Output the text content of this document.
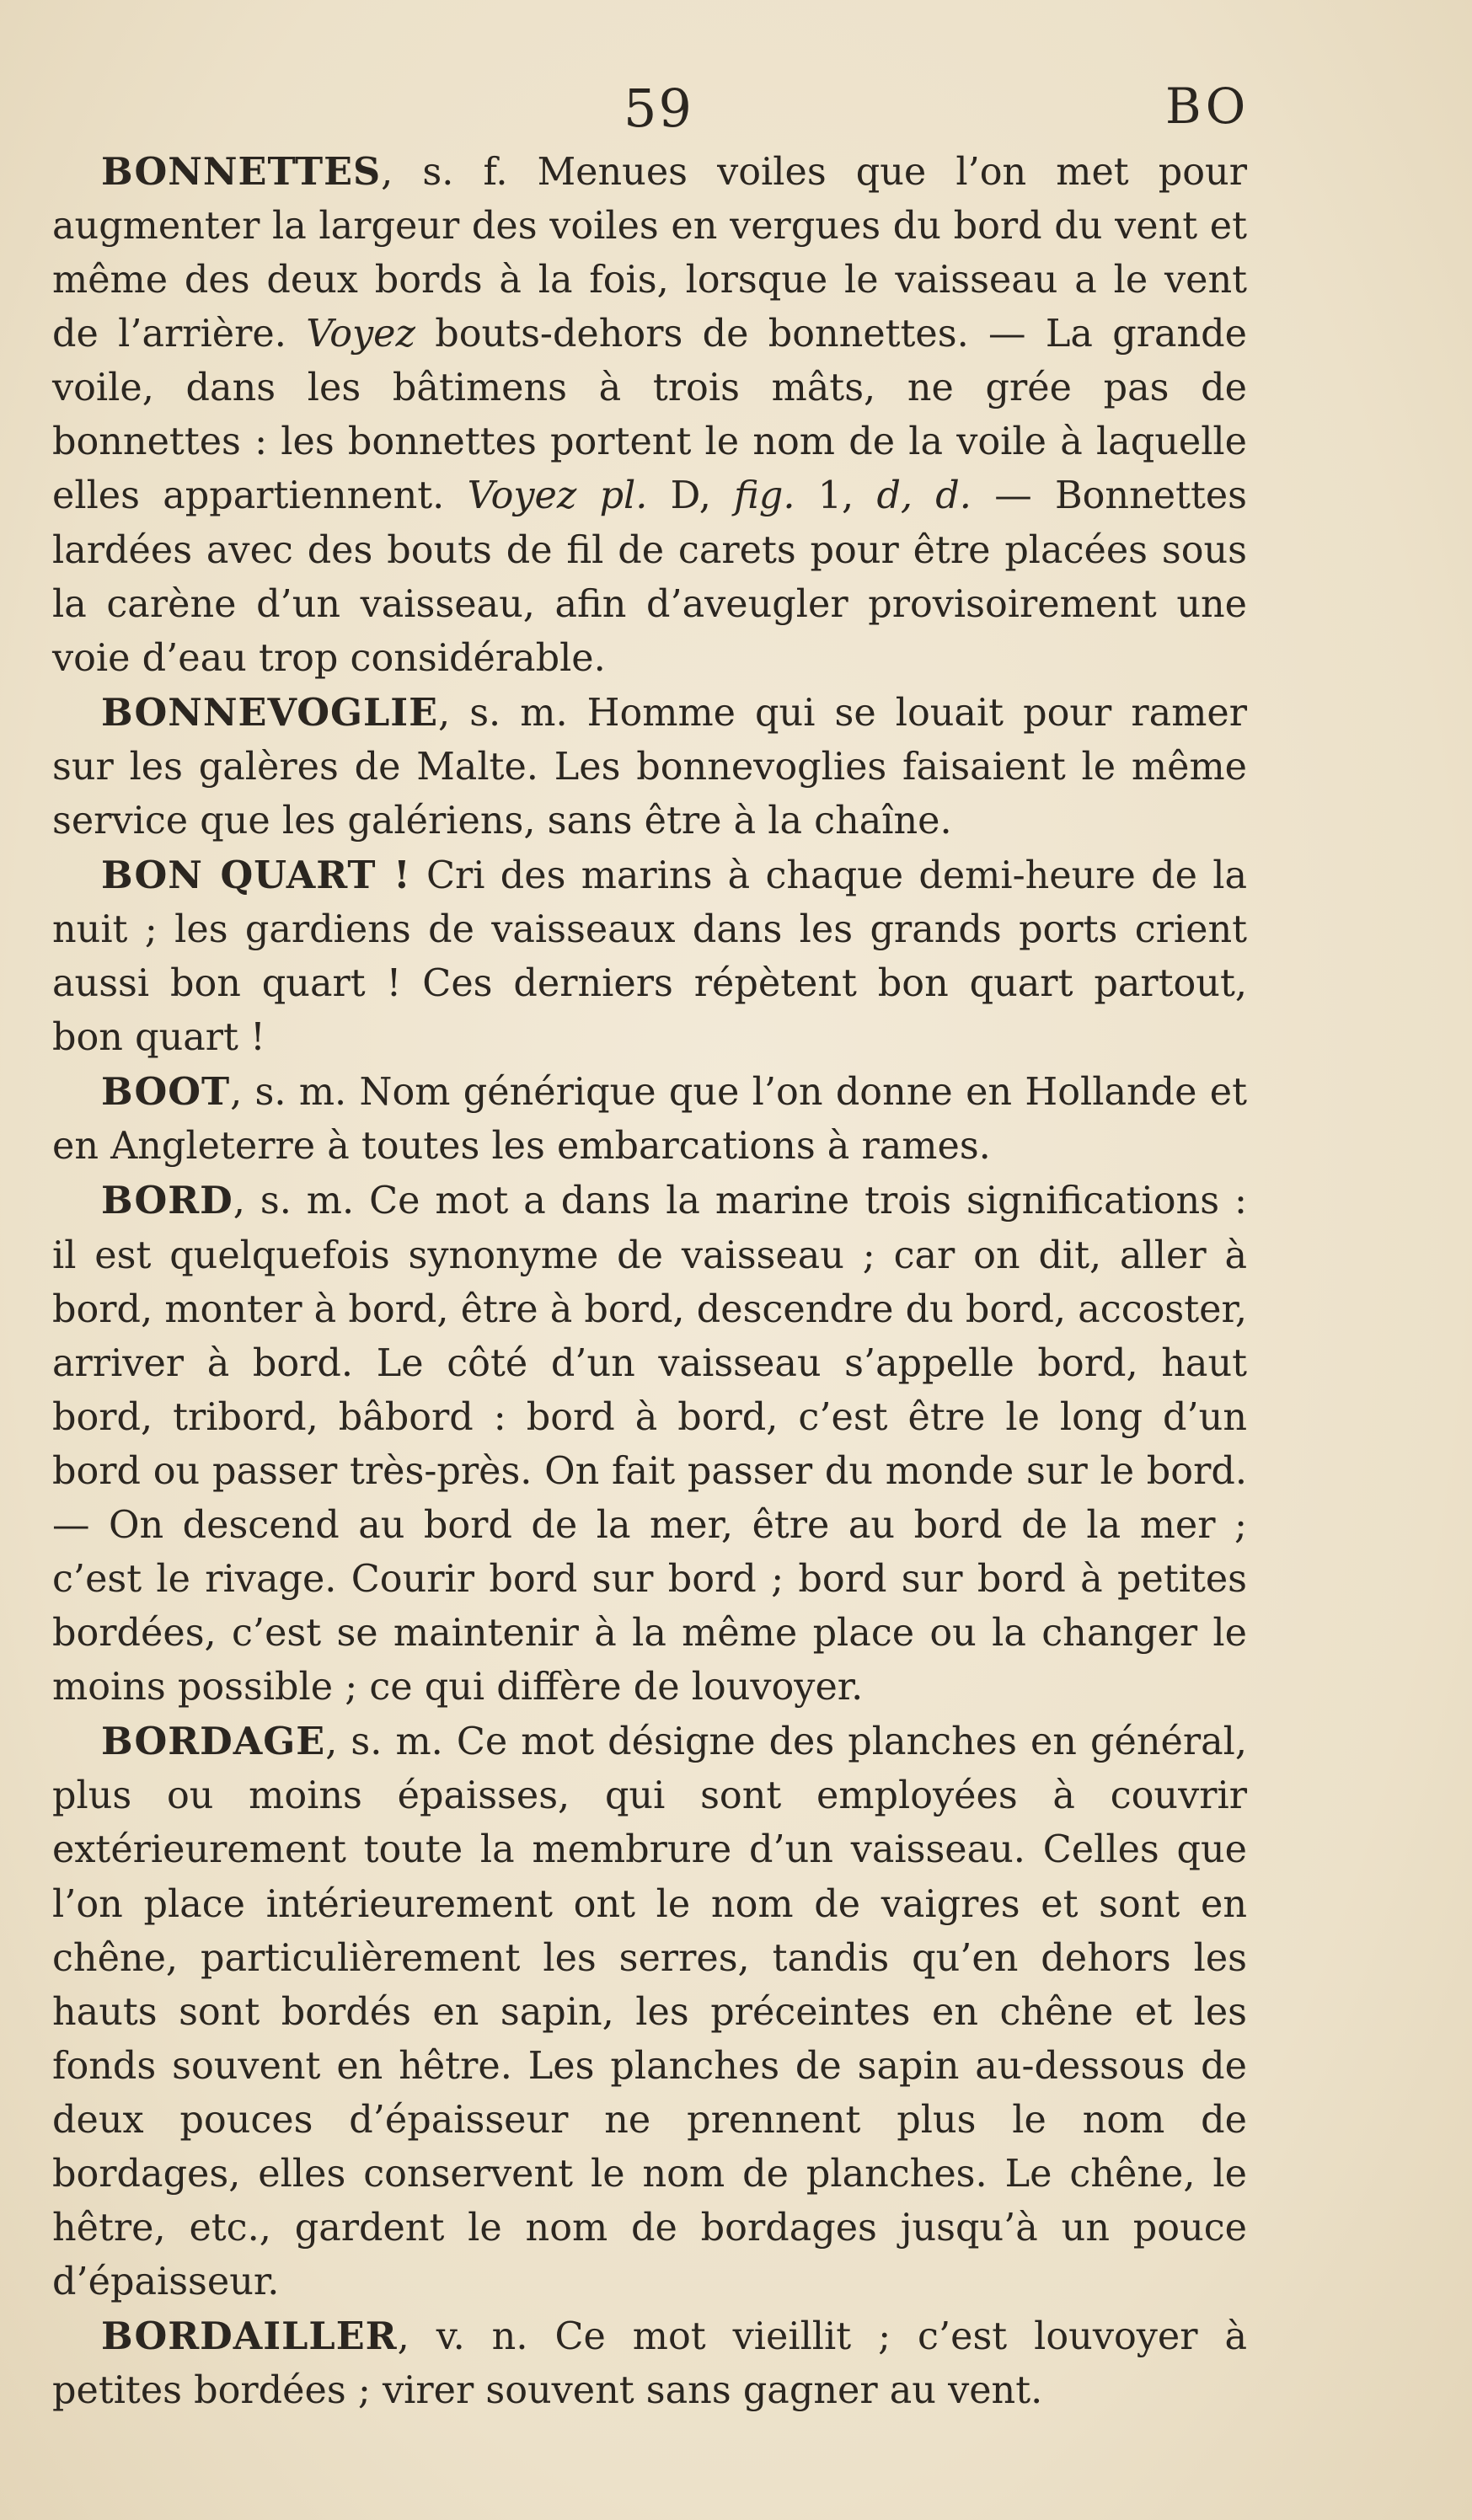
59	BO

BONNETTES, s. f. Menues voiles que l’on met pour augmenter la largeur des voiles en vergues du bord du vent et même des deux bords à la fois, lorsque le vaisseau a le vent de l’arrière. Voyez bouts-dehors de bonnettes. — La grande voile, dans les bâtimens à trois mâts, ne grée pas de bonnettes : les bonnettes portent le nom de la voile à laquelle elles appartiennent. Voyez pl. D, fig. 1, d, d. — Bonnettes lardées avec des bouts de fil de carets pour être placées sous la carène d’un vaisseau, afin d’aveugler provisoirement une voie d’eau trop considérable.

BONNEVOGLIE, s. m. Homme qui se louait pour ramer sur les galères de Malte. Les bonnevoglies faisaient le même service que les galériens, sans être à la chaîne.

BON QUART ! Cri des marins à chaque demi-heure de la nuit ; les gardiens de vaisseaux dans les grands ports crient aussi bon quart ! Ces derniers répètent bon quart partout, bon quart !

BOOT, s. m. Nom générique que l’on donne en Hollande et en Angleterre à toutes les embarcations à rames.

BORD, s. m. Ce mot a dans la marine trois significations : il est quelquefois synonyme de vaisseau ; car on dit, aller à bord, monter à bord, être à bord, descendre du bord, accoster, arriver à bord. Le côté d’un vaisseau s’appelle bord, haut bord, tribord, bâbord : bord à bord, c’est être le long d’un bord ou passer très-près. On fait passer du monde sur le bord. — On descend au bord de la mer, être au bord de la mer ; c’est le rivage. Courir bord sur bord ; bord sur bord à petites bordées, c’est se maintenir à la même place ou la changer le moins possible ; ce qui diffère de louvoyer.

BORDAGE, s. m. Ce mot désigne des planches en général, plus ou moins épaisses, qui sont employées à couvrir extérieurement toute la membrure d’un vaisseau. Celles que l’on place intérieurement ont le nom de vaigres et sont en chêne, particulièrement les serres, tandis qu’en dehors les hauts sont bordés en sapin, les préceintes en chêne et les fonds souvent en hêtre. Les planches de sapin au-dessous de deux pouces d’épaisseur ne prennent plus le nom de bordages, elles conservent le nom de planches. Le chêne, le hêtre, etc., gardent le nom de bordages jusqu’à un pouce d’épaisseur.

BORDAILLER, v. n. Ce mot vieillit ; c’est louvoyer à petites bordées ; virer souvent sans gagner au vent.
